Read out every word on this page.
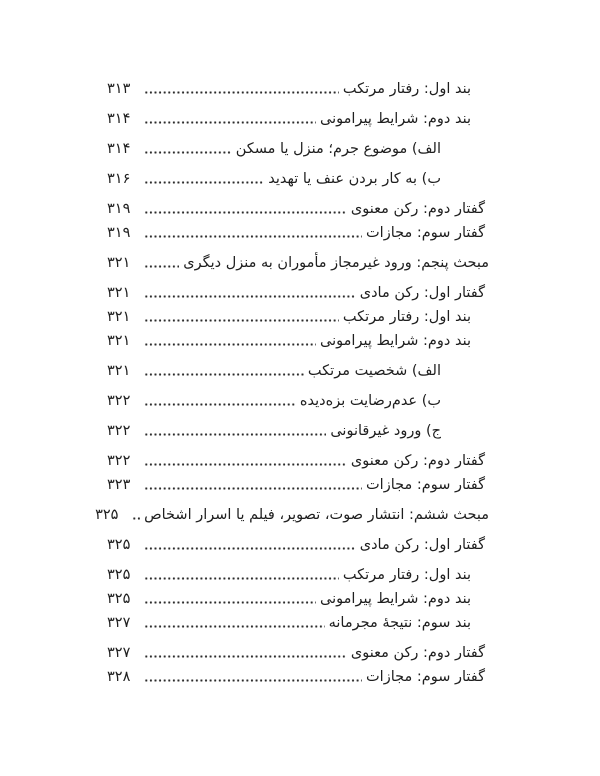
بند اول: رفتار مرتکب
۳۱۳
بند دوم: شرایط پیرامونی
۳۱۴
الف) موضوع جرم؛ منزل یا مسکن
۳۱۴
ب) به کار بردن عنف یا تهدید
۳۱۶
گفتار دوم: رکن معنوی
۳۱۹
گفتار سوم: مجازات
۳۱۹
مبحث پنجم: ورود غیرمجاز مأموران به منزل دیگری
۳۲۱
گفتار اول: رکن مادی
۳۲۱
بند اول: رفتار مرتکب
۳۲۱
بند دوم: شرایط پیرامونی
۳۲۱
الف) شخصیت مرتکب
۳۲۱
ب) عدم‌رضایت بزه‌دیده
۳۲۲
ج) ورود غیرقانونی
۳۲۲
گفتار دوم: رکن معنوی
۳۲۲
گفتار سوم: مجازات
۳۲۳
مبحث ششم: انتشار صوت، تصویر، فیلم یا اسرار اشخاص
۳۲۵
گفتار اول: رکن مادی
۳۲۵
بند اول: رفتار مرتکب
۳۲۵
بند دوم: شرایط پیرامونی
۳۲۵
بند سوم: نتیجۀ مجرمانه
۳۲۷
گفتار دوم: رکن معنوی
۳۲۷
گفتار سوم: مجازات
۳۲۸
